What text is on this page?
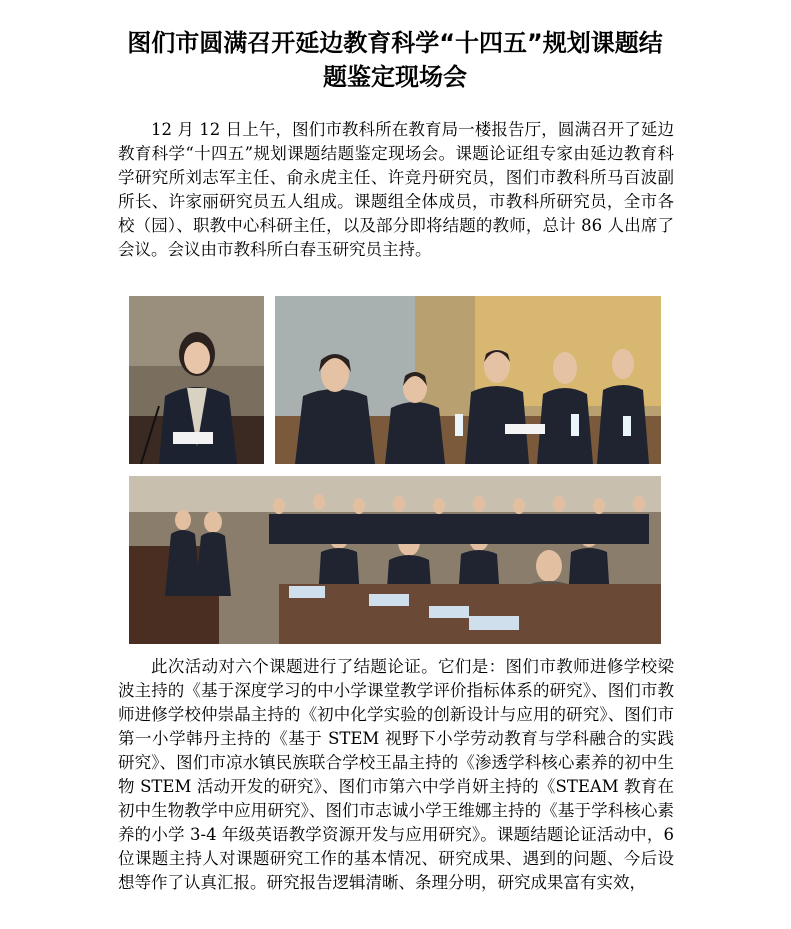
图们市圆满召开延边教育科学“十四五”规划课题结
题鉴定现场会

12 月 12 日上午，图们市教科所在教育局一楼报告厅，圆满召开了延边教育科学“十四五”规划课题结题鉴定现场会。课题论证组专家由延边教育科学研究所刘志军主任、俞永虎主任、许竞丹研究员，图们市教科所马百波副所长、许家丽研究员五人组成。课题组全体成员，市教科所研究员，全市各校（园）、职教中心科研主任，以及部分即将结题的教师，总计 86 人出席了会议。会议由市教科所白春玉研究员主持。

此次活动对六个课题进行了结题论证。它们是：图们市教师进修学校梁波主持的《基于深度学习的中小学课堂教学评价指标体系的研究》、图们市教师进修学校仲崇晶主持的《初中化学实验的创新设计与应用的研究》、图们市第一小学韩丹主持的《基于 STEM 视野下小学劳动教育与学科融合的实践研究》、图们市凉水镇民族联合学校王晶主持的《渗透学科核心素养的初中生物 STEM 活动开发的研究》、图们市第六中学肖妍主持的《STEAM 教育在初中生物教学中应用研究》、图们市志诚小学王维娜主持的《基于学科核心素养的小学 3-4 年级英语教学资源开发与应用研究》。课题结题论证活动中，6 位课题主持人对课题研究工作的基本情况、研究成果、遇到的问题、今后设想等作了认真汇报。研究报告逻辑清晰、条理分明，研究成果富有实效，
